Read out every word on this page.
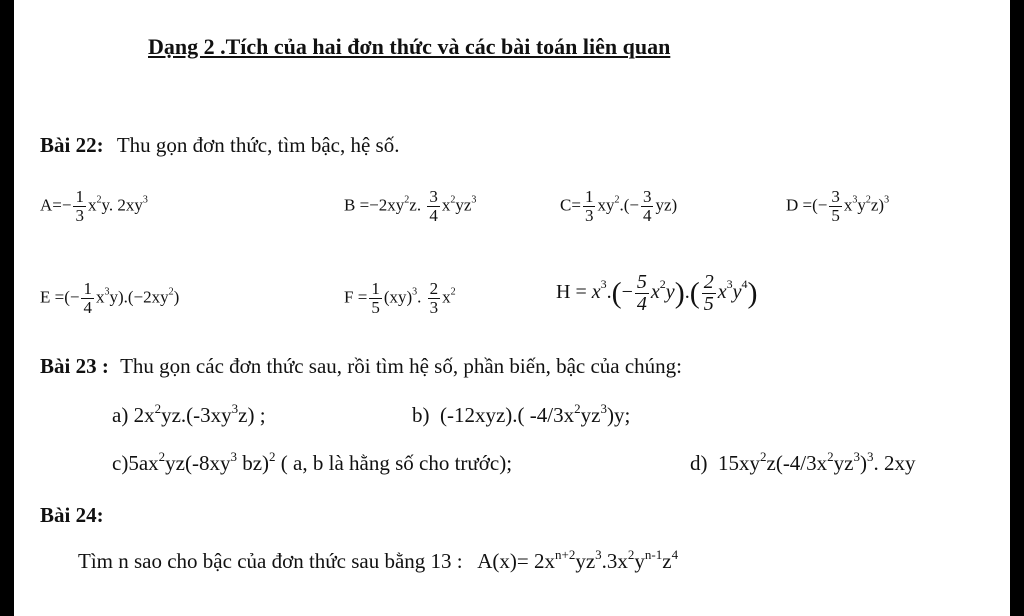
Dạng 2 .Tích của hai đơn thức và các bài toán liên quan
Bài 22: Thu gọn đơn thức, tìm bậc, hệ số.
$A=- \frac{1}{3} x^2y$. $2xy^3$	$B =-2xy^2z$. $\frac{3}{4} x^2yz^3$	$C= \frac{1}{3} xy^2.(- \frac{3}{4} yz)$	D =(− $\frac{3}{5} x^3y^2z)^3$
E =(− $\frac{1}{4} x^3y).(-2xy^2)$	$F = \frac{1}{5} (xy)^3$. $\frac{2}{3} x^2$	$H = x^3.(- \frac{5}{4} x^2y).( \frac{2}{5} x^3y^4)$
Bài 23 : Thu gọn các đơn thức sau, rồi tìm hệ số, phần biến, bậc của chúng:
a) $2x^2yz.(-3xy^3z)$ ;	b)  (-12xyz).( $-4/3x^2yz^3)y$;
$c)5ax^2yz(-8xy^3$ bz)$^2$ ( a, b là hằng số cho trước);	d)  $15xy^2z(-4/3x^2yz^3)^3$. 2xy
Bài 24:
Tìm n sao cho bậc của đơn thức sau bằng 13 :   $A(x)= 2x^{n+2}yz^3.3x^2y^{n-1}z^4$
